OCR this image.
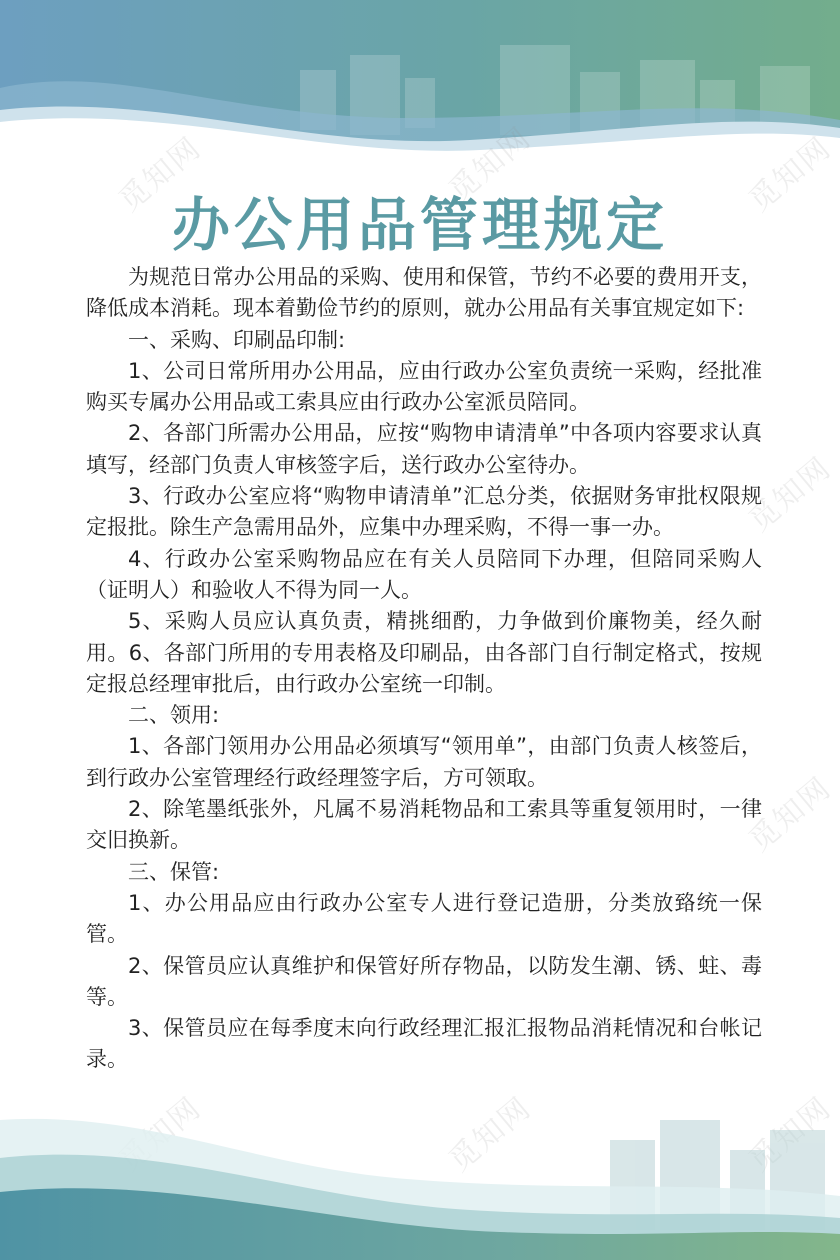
办公用品管理规定

为规范日常办公用品的采购、使用和保管，节约不必要的费用开支，降低成本消耗。现本着勤俭节约的原则，就办公用品有关事宜规定如下:

一、采购、印刷品印制:

1、公司日常所用办公用品，应由行政办公室负责统一采购，经批准购买专属办公用品或工索具应由行政办公室派员陪同。

2、各部门所需办公用品，应按“购物申请清单”中各项内容要求认真填写，经部门负责人审核签字后，送行政办公室待办。

3、行政办公室应将“购物申请清单”汇总分类，依据财务审批权限规定报批。除生产急需用品外，应集中办理采购，不得一事一办。

4、行政办公室采购物品应在有关人员陪同下办理，但陪同采购人（证明人）和验收人不得为同一人。

5、采购人员应认真负责，精挑细酌，力争做到价廉物美，经久耐用。6、各部门所用的专用表格及印刷品，由各部门自行制定格式，按规定报总经理审批后，由行政办公室统一印制。

二、领用:

1、各部门领用办公用品必须填写“领用单”，由部门负责人核签后，到行政办公室管理经行政经理签字后，方可领取。

2、除笔墨纸张外，凡属不易消耗物品和工索具等重复领用时，一律交旧换新。

三、保管:

1、办公用品应由行政办公室专人进行登记造册，分类放臵统一保管。

2、保管员应认真维护和保管好所存物品，以防发生潮、锈、蛀、毒等。

3、保管员应在每季度末向行政经理汇报汇报物品消耗情况和台帐记录。

觅知网	觅知网	觅知网
觅知网
觅知网
觅知网
